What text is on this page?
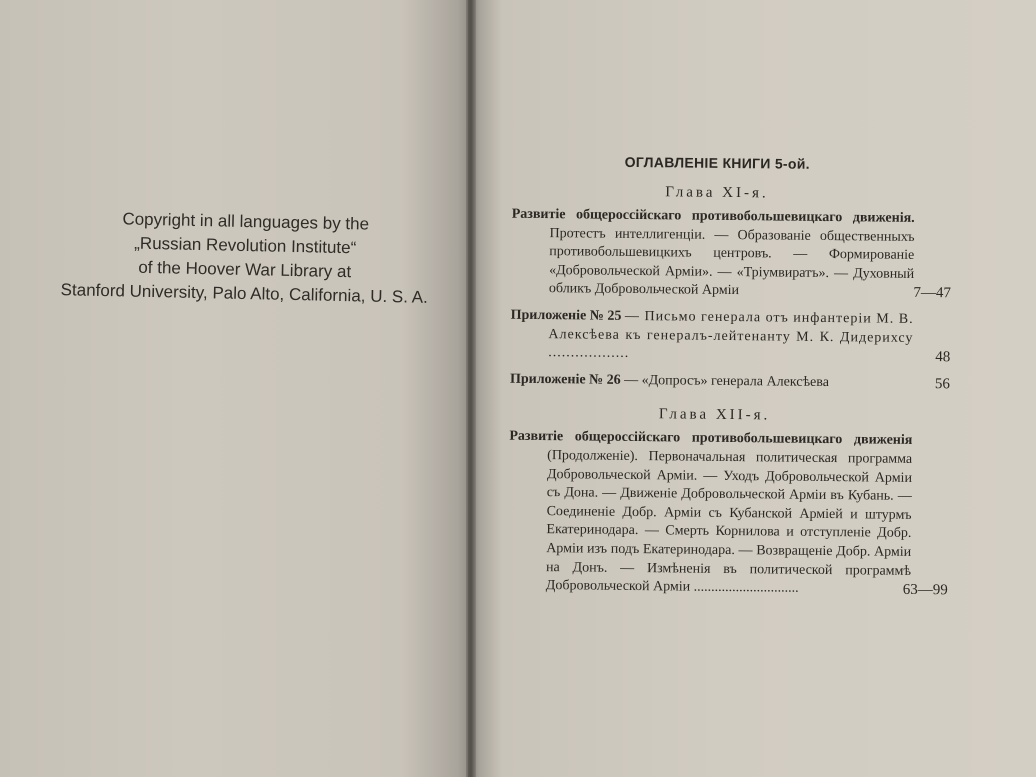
Copyright in all languages by the
„Russian Revolution Institute“
of the Hoover War Library at
Stanford University, Palo Alto, California, U. S. A.
ОГЛАВЛЕНІЕ КНИГИ 5-ой.
Глава XI-я.
Развитіе общероссійскаго противобольшевицкаго движенія. Протестъ интеллигенціи. — Образованіе общественныхъ противобольшевицкихъ центровъ. — Формированіе «Добровольческой Арміи». — «Тріумвиратъ». — Духовный обликъ Добровольческой Арміи	7—47
Приложеніе № 25 — Письмо генерала отъ инфантеріи М. В. Алексѣева къ генералъ-лейтенанту М. К. Дидерихсу ..................	48
Приложеніе № 26 — «Допросъ» генерала Алексѣева	56
Глава XII-я.
Развитіе общероссійскаго противобольшевицкаго движенія (Продолженіе). Первоначальная политическая программа Добровольческой Арміи. — Уходъ Добровольческой Арміи съ Дона. — Движеніе Добровольческой Арміи въ Кубань. — Соединеніе Добр. Арміи съ Кубанской Арміей и штурмъ Екатеринодара. — Смерть Корнилова и отступленіе Добр. Арміи изъ подъ Екатеринодара. — Возвращеніе Добр. Арміи на Донъ. — Измѣненія въ политической программѣ Добровольческой Арміи ..............................	63—99
